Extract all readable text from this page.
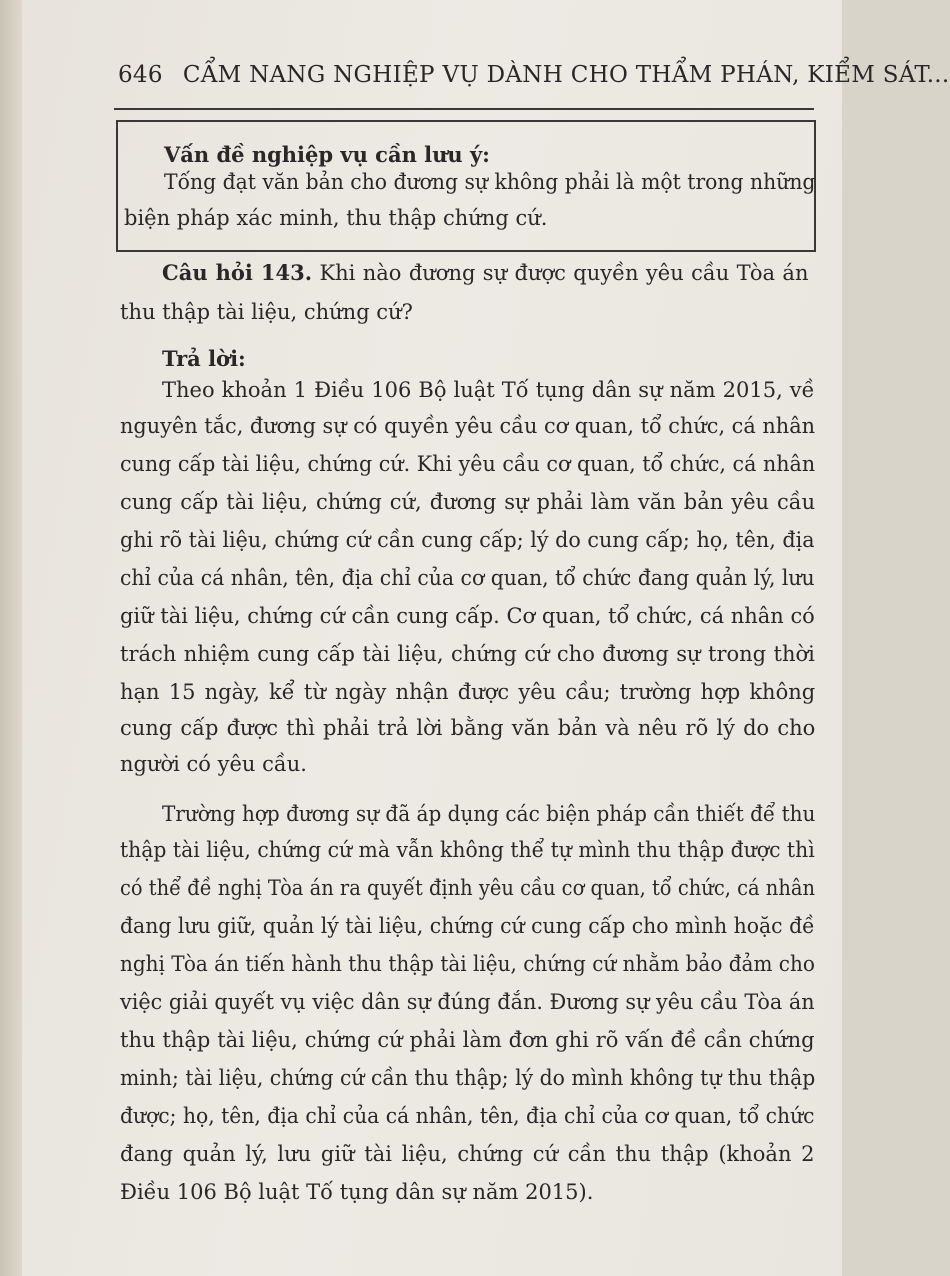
646 CẨM NANG NGHIỆP VỤ DÀNH CHO THẨM PHÁN, KIỂM SÁT...
Vấn đề nghiệp vụ cần lưu ý:
Tống đạt văn bản cho đương sự không phải là một trong những
biện pháp xác minh, thu thập chứng cứ.
Câu hỏi 143. Khi nào đương sự được quyền yêu cầu Tòa án
thu thập tài liệu, chứng cứ?
Trả lời:
Theo khoản 1 Điều 106 Bộ luật Tố tụng dân sự năm 2015, về
nguyên tắc, đương sự có quyền yêu cầu cơ quan, tổ chức, cá nhân
cung cấp tài liệu, chứng cứ. Khi yêu cầu cơ quan, tổ chức, cá nhân
cung cấp tài liệu, chứng cứ, đương sự phải làm văn bản yêu cầu
ghi rõ tài liệu, chứng cứ cần cung cấp; lý do cung cấp; họ, tên, địa
chỉ của cá nhân, tên, địa chỉ của cơ quan, tổ chức đang quản lý, lưu
giữ tài liệu, chứng cứ cần cung cấp. Cơ quan, tổ chức, cá nhân có
trách nhiệm cung cấp tài liệu, chứng cứ cho đương sự trong thời
hạn 15 ngày, kể từ ngày nhận được yêu cầu; trường hợp không
cung cấp được thì phải trả lời bằng văn bản và nêu rõ lý do cho
người có yêu cầu.
Trường hợp đương sự đã áp dụng các biện pháp cần thiết để thu
thập tài liệu, chứng cứ mà vẫn không thể tự mình thu thập được thì
có thể đề nghị Tòa án ra quyết định yêu cầu cơ quan, tổ chức, cá nhân
đang lưu giữ, quản lý tài liệu, chứng cứ cung cấp cho mình hoặc đề
nghị Tòa án tiến hành thu thập tài liệu, chứng cứ nhằm bảo đảm cho
việc giải quyết vụ việc dân sự đúng đắn. Đương sự yêu cầu Tòa án
thu thập tài liệu, chứng cứ phải làm đơn ghi rõ vấn đề cần chứng
minh; tài liệu, chứng cứ cần thu thập; lý do mình không tự thu thập
được; họ, tên, địa chỉ của cá nhân, tên, địa chỉ của cơ quan, tổ chức
đang quản lý, lưu giữ tài liệu, chứng cứ cần thu thập (khoản 2
Điều 106 Bộ luật Tố tụng dân sự năm 2015).
